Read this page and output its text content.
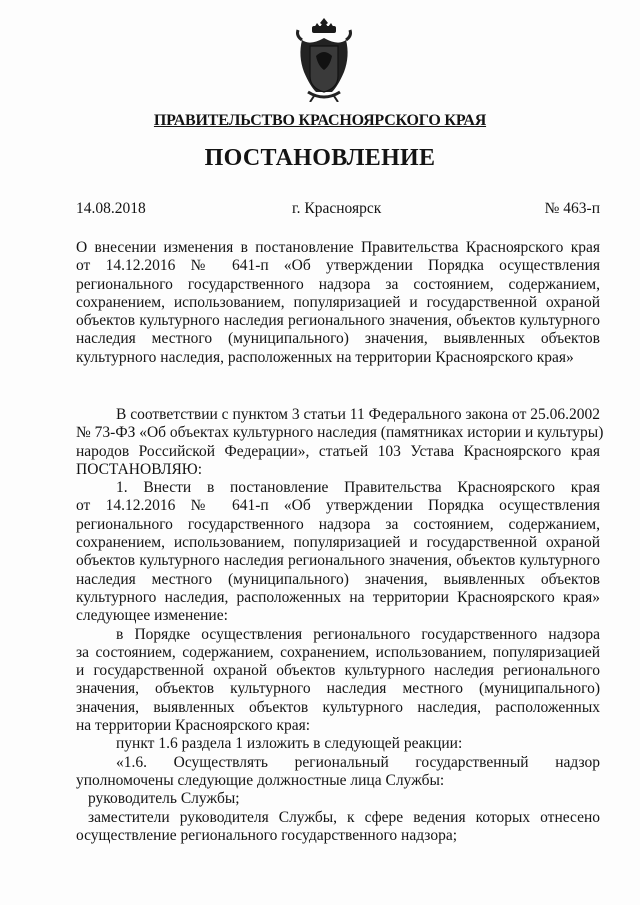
ПРАВИТЕЛЬСТВО КРАСНОЯРСКОГО КРАЯ
ПОСТАНОВЛЕНИЕ
14.08.2018	г. Красноярск	№ 463-п
О внесении изменения в постановление Правительства Красноярского края
от 14.12.2016 № 641-п «Об утверждении Порядка осуществления
регионального государственного надзора за состоянием, содержанием,
сохранением, использованием, популяризацией и государственной охраной
объектов культурного наследия регионального значения, объектов культурного
наследия местного (муниципального) значения, выявленных объектов
культурного наследия, расположенных на территории Красноярского края»
В соответствии с пунктом 3 статьи 11 Федерального закона от 25.06.2002
№ 73-ФЗ «Об объектах культурного наследия (памятниках истории и культуры)
народов Российской Федерации», статьей 103 Устава Красноярского края
ПОСТАНОВЛЯЮ:
1. Внести в постановление Правительства Красноярского края
от 14.12.2016 № 641-п «Об утверждении Порядка осуществления
регионального государственного надзора за состоянием, содержанием,
сохранением, использованием, популяризацией и государственной охраной
объектов культурного наследия регионального значения, объектов культурного
наследия местного (муниципального) значения, выявленных объектов
культурного наследия, расположенных на территории Красноярского края»
следующее изменение:
в Порядке осуществления регионального государственного надзора
за состоянием, содержанием, сохранением, использованием, популяризацией
и государственной охраной объектов культурного наследия регионального
значения, объектов культурного наследия местного (муниципального)
значения, выявленных объектов культурного наследия, расположенных
на территории Красноярского края:
пункт 1.6 раздела 1 изложить в следующей реакции:
«1.6. Осуществлять региональный государственный надзор
уполномочены следующие должностные лица Службы:
руководитель Службы;
заместители руководителя Службы, к сфере ведения которых отнесено
осуществление регионального государственного надзора;
